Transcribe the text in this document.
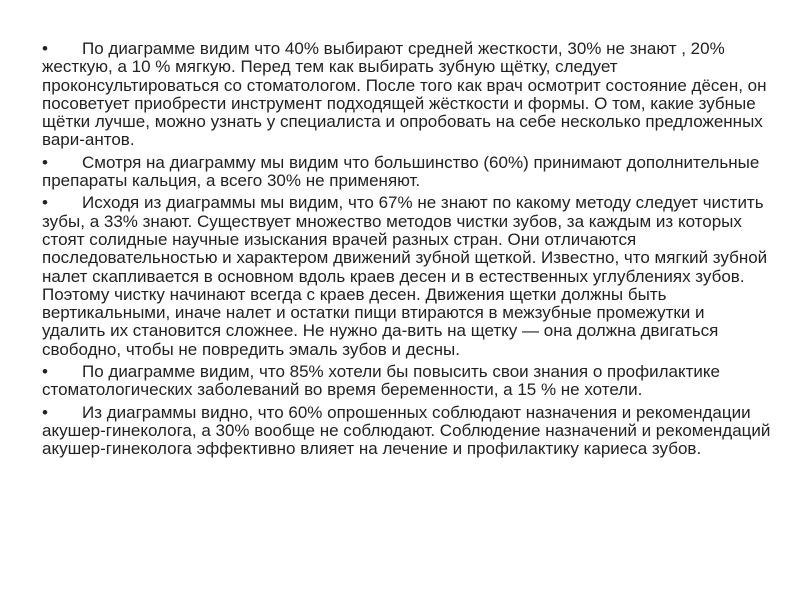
• По диаграмме видим что 40% выбирают средней жесткости, 30% не знают , 20% жесткую, а 10 % мягкую. Перед тем как выбирать зубную щётку, следует проконсультироваться со стоматологом. После того как врач осмотрит состояние дёсен, он посоветует приобрести инструмент подходящей жёсткости и формы. О том, какие зубные щётки лучше, можно узнать у специалиста и опробовать на себе несколько предложенных вари-антов.
• Смотря на диаграмму мы видим что большинство (60%) принимают дополнительные препараты кальция, а всего 30% не применяют.
• Исходя из диаграммы мы видим, что 67% не знают по какому методу следует чистить зубы, а 33% знают. Существует множество методов чистки зубов, за каждым из которых стоят солидные научные изыскания врачей разных стран. Они отличаются последовательностью и характером движений зубной щеткой. Известно, что мягкий зубной налет скапливается в основном вдоль краев десен и в естественных углублениях зубов. Поэтому чистку начинают всегда с краев десен. Движения щетки должны быть вертикальными, иначе налет и остатки пищи втираются в межзубные промежутки и удалить их становится сложнее. Не нужно да-вить на щетку — она должна двигаться свободно, чтобы не повредить эмаль зубов и десны.
• По диаграмме видим, что 85% хотели бы повысить свои знания о профилактике стоматологических заболеваний во время беременности, а 15 % не хотели.
• Из диаграммы видно, что 60% опрошенных соблюдают назначения и рекомендации акушер-гинеколога, а 30% вообще не соблюдают. Соблюдение назначений и рекомендаций акушер-гинеколога эффективно влияет на лечение и профилактику кариеса зубов.
